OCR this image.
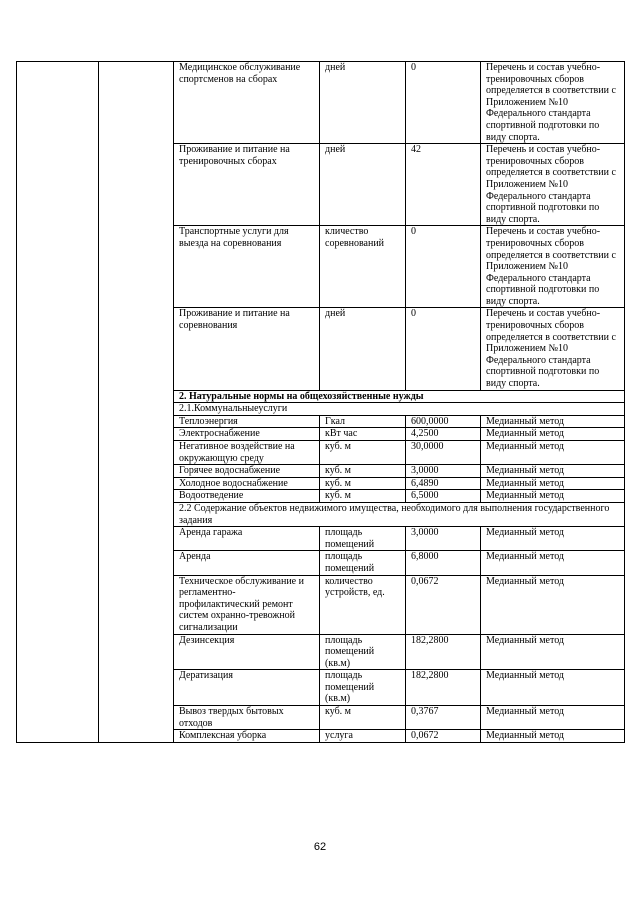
		Медицинское обслуживание спортсменов на сборах	дней	0	Перечень и состав учебно-тренировочных сборов определяется в соответствии с Приложением №10 Федерального стандарта спортивной подготовки по виду спорта.
		Проживание и питание на тренировочных сборах	дней	42	Перечень и состав учебно-тренировочных сборов определяется в соответствии с Приложением №10 Федерального стандарта спортивной подготовки по виду спорта.
		Транспортные услуги для выезда на соревнования	кличество соревнований	0	Перечень и состав учебно-тренировочных сборов определяется в соответствии с Приложением №10 Федерального стандарта спортивной подготовки по виду спорта.
		Проживание и питание на соревнования	дней	0	Перечень и состав учебно-тренировочных сборов определяется в соответствии с Приложением №10 Федерального стандарта спортивной подготовки по виду спорта.
		2. Натуральные нормы на общехозяйственные нужды			
		2.1.Коммунальныеуслуги			
		Теплоэнергия	Гкал	600,0000	Медианный метод
		Электроснабжение	кВт час	4,2500	Медианный метод
		Негативное воздействие на окружающую среду	куб. м	30,0000	Медианный метод
		Горячее водоснабжение	куб. м	3,0000	Медианный метод
		Холодное водоснабжение	куб. м	6,4890	Медианный метод
		Водоотведение	куб. м	6,5000	Медианный метод
		2.2 Содержание объектов недвижимого имущества, необходимого для выполнения государственного задания			
		Аренда гаража	площадь помещений	3,0000	Медианный метод
		Аренда	площадь помещений	6,8000	Медианный метод
		Техническое обслуживание и регламентно-профилактический ремонт систем охранно-тревожной сигнализации	количество устройств, ед.	0,0672	Медианный метод
		Дезинсекция	площадь помещений (кв.м)	182,2800	Медианный метод
		Дератизация	площадь помещений (кв.м)	182,2800	Медианный метод
		Вывоз твердых бытовых отходов	куб. м	0,3767	Медианный метод
		Комплексная уборка	услуга	0,0672	Медианный метод
62
